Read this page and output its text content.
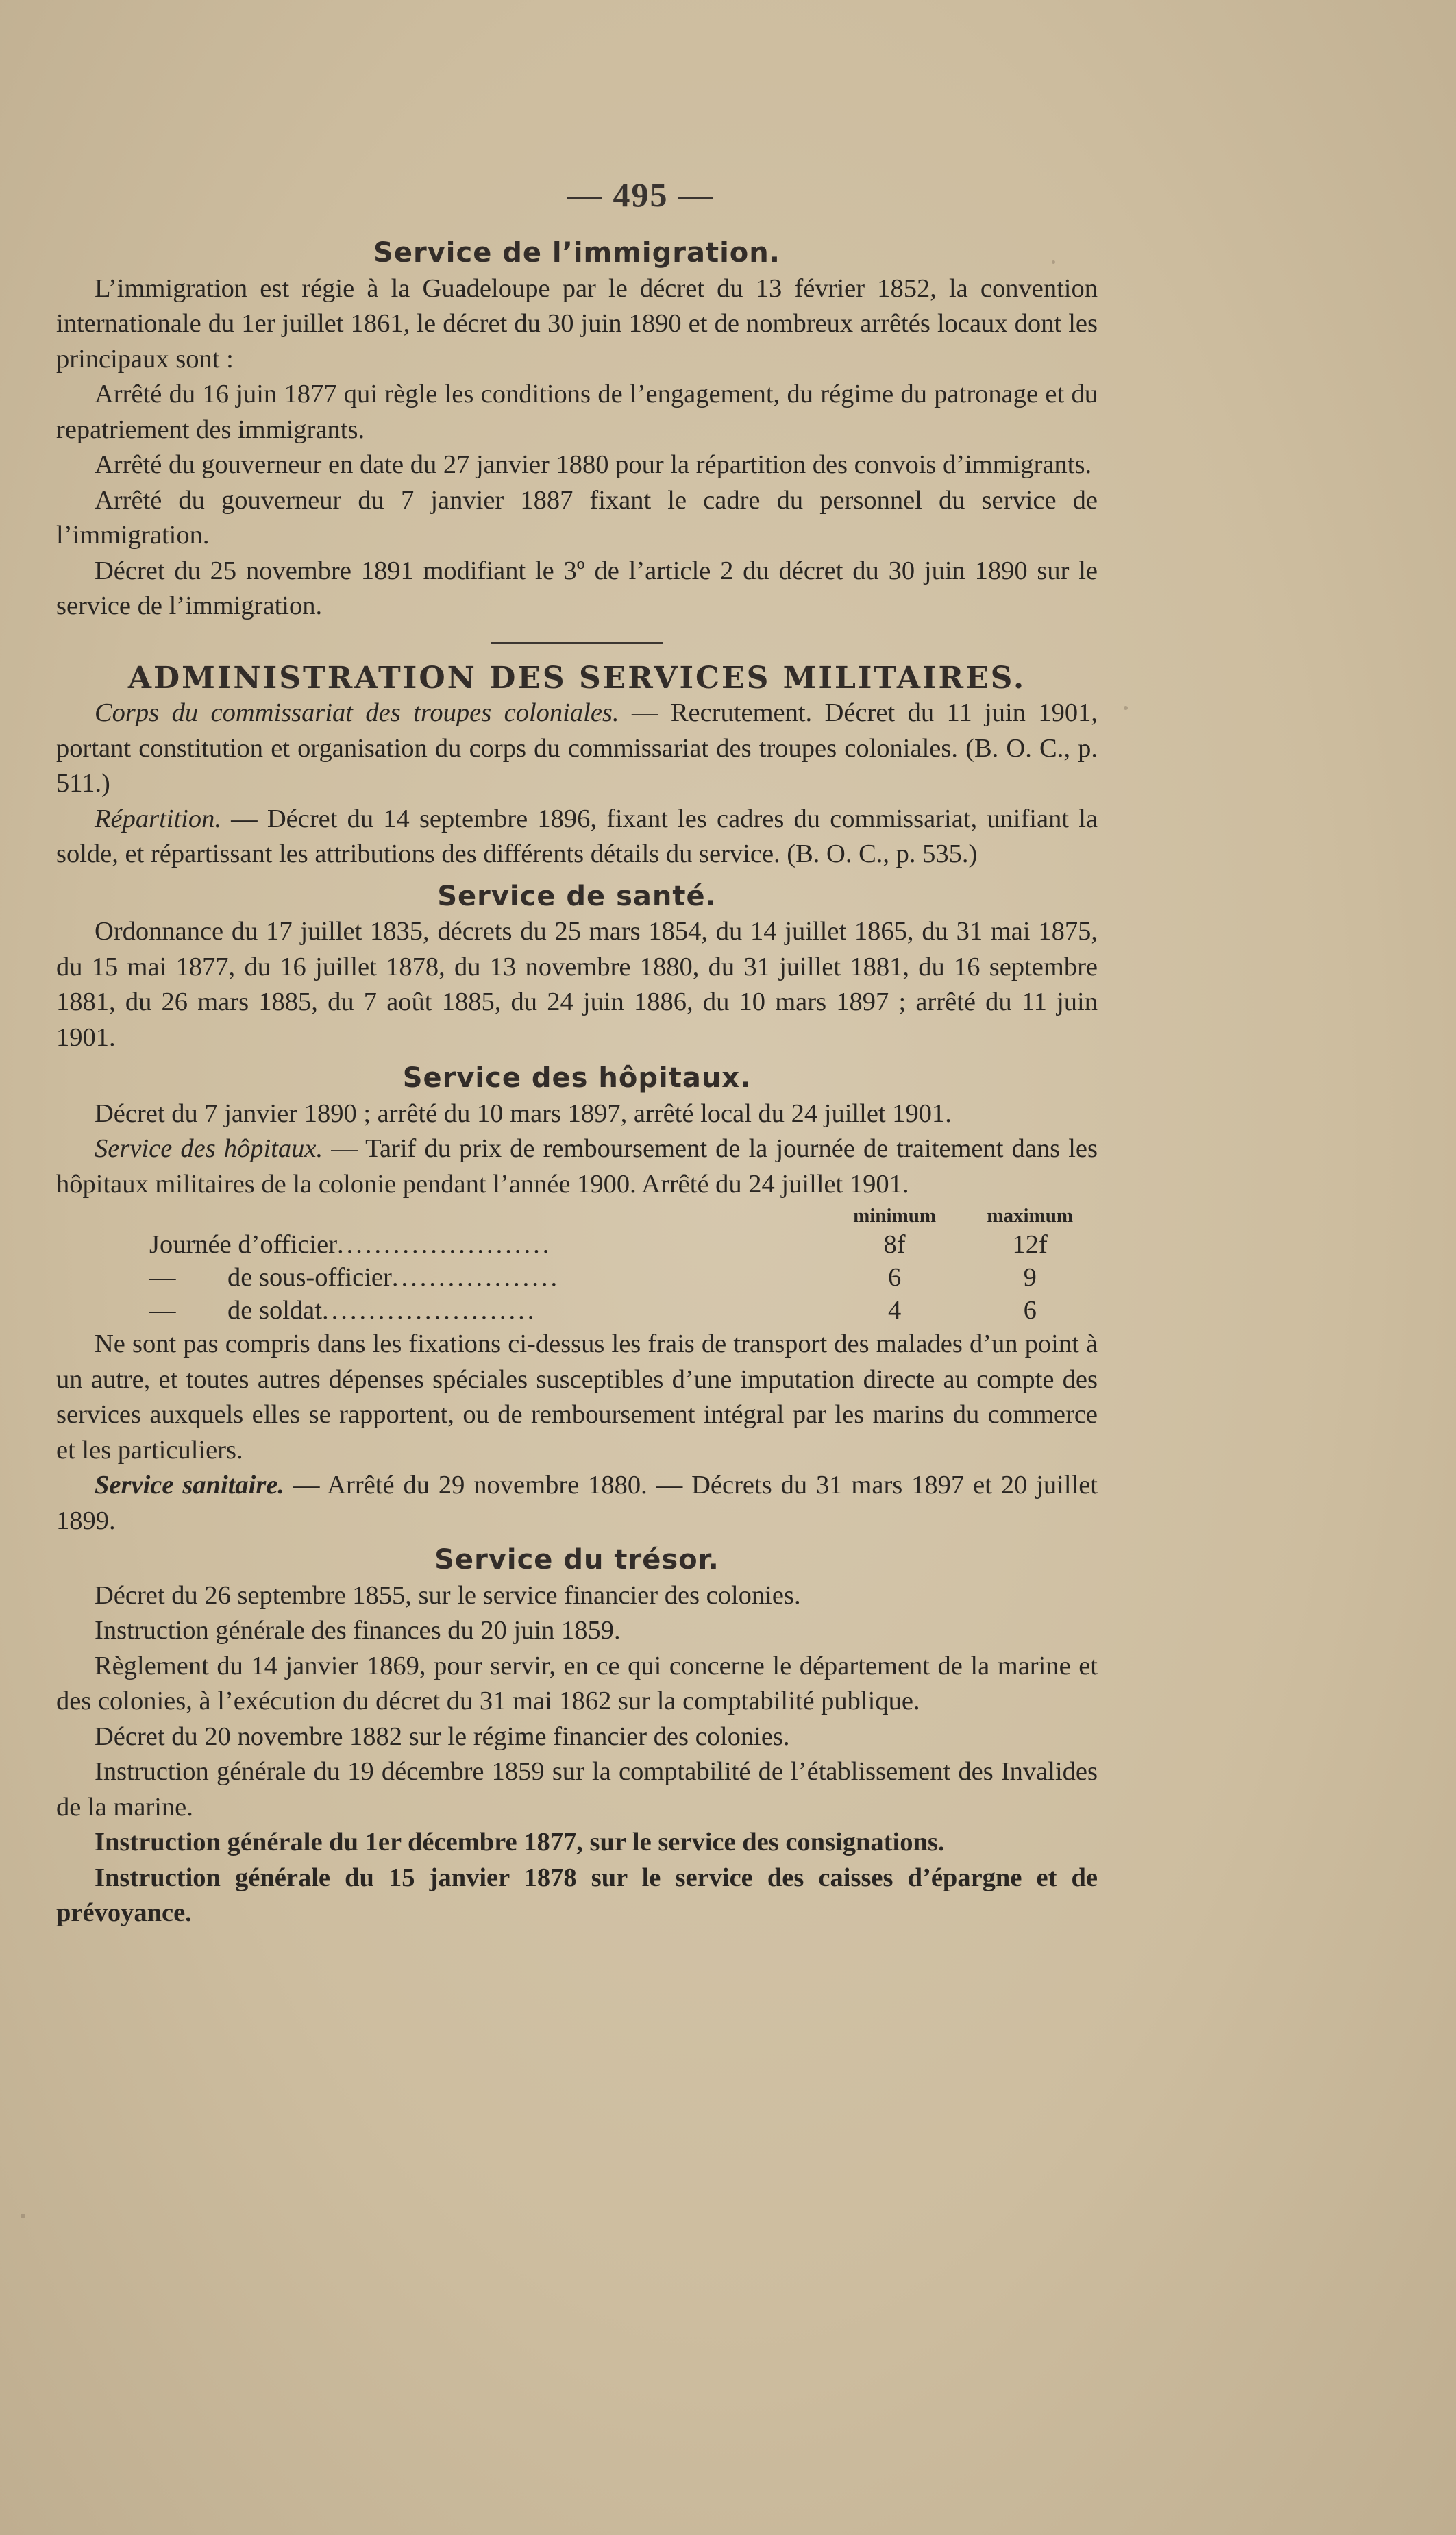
— 495 —
Service de l’immigration.

L’immigration est régie à la Guadeloupe par le décret du 13 février 1852, la convention internationale du 1er juillet 1861, le décret du 30 juin 1890 et de nombreux arrêtés locaux dont les principaux sont :

Arrêté du 16 juin 1877 qui règle les conditions de l’engagement, du régime du patronage et du repatriement des immigrants.

Arrêté du gouverneur en date du 27 janvier 1880 pour la répartition des convois d’immigrants.

Arrêté du gouverneur du 7 janvier 1887 fixant le cadre du personnel du service de l’immigration.

Décret du 25 novembre 1891 modifiant le 3º de l’article 2 du décret du 30 juin 1890 sur le service de l’immigration.

ADMINISTRATION DES SERVICES MILITAIRES.

Corps du commissariat des troupes coloniales. — Recrutement. Décret du 11 juin 1901, portant constitution et organisation du corps du commissariat des troupes coloniales. (B. O. C., p. 511.)

Répartition. — Décret du 14 septembre 1896, fixant les cadres du commissariat, unifiant la solde, et répartissant les attributions des différents détails du service. (B. O. C., p. 535.)

Service de santé.

Ordonnance du 17 juillet 1835, décrets du 25 mars 1854, du 14 juillet 1865, du 31 mai 1875, du 15 mai 1877, du 16 juillet 1878, du 13 novembre 1880, du 31 juillet 1881, du 16 septembre 1881, du 26 mars 1885, du 7 août 1885, du 24 juin 1886, du 10 mars 1897 ; arrêté du 11 juin 1901.

Service des hôpitaux.

Décret du 7 janvier 1890 ; arrêté du 10 mars 1897, arrêté local du 24 juillet 1901.

Service des hôpitaux. — Tarif du prix de remboursement de la journée de traitement dans les hôpitaux militaires de la colonie pendant l’année 1900. Arrêté du 24 juillet 1901.

	minimum	maximum
Journée d’officier.......................	8f	12f

— de sous-officier..................	6	9

— de soldat.......................	4	6

Ne sont pas compris dans les fixations ci-dessus les frais de transport des malades d’un point à un autre, et toutes autres dépenses spéciales susceptibles d’une imputation directe au compte des services auxquels elles se rapportent, ou de remboursement intégral par les marins du commerce et les particuliers.

Service sanitaire. — Arrêté du 29 novembre 1880. — Décrets du 31 mars 1897 et 20 juillet 1899.

Service du trésor.

Décret du 26 septembre 1855, sur le service financier des colonies.

Instruction générale des finances du 20 juin 1859.

Règlement du 14 janvier 1869, pour servir, en ce qui concerne le département de la marine et des colonies, à l’exécution du décret du 31 mai 1862 sur la comptabilité publique.

Décret du 20 novembre 1882 sur le régime financier des colonies.

Instruction générale du 19 décembre 1859 sur la comptabilité de l’établissement des Invalides de la marine.

Instruction générale du 1er décembre 1877, sur le service des consignations.

Instruction générale du 15 janvier 1878 sur le service des caisses d’épargne et de prévoyance.
